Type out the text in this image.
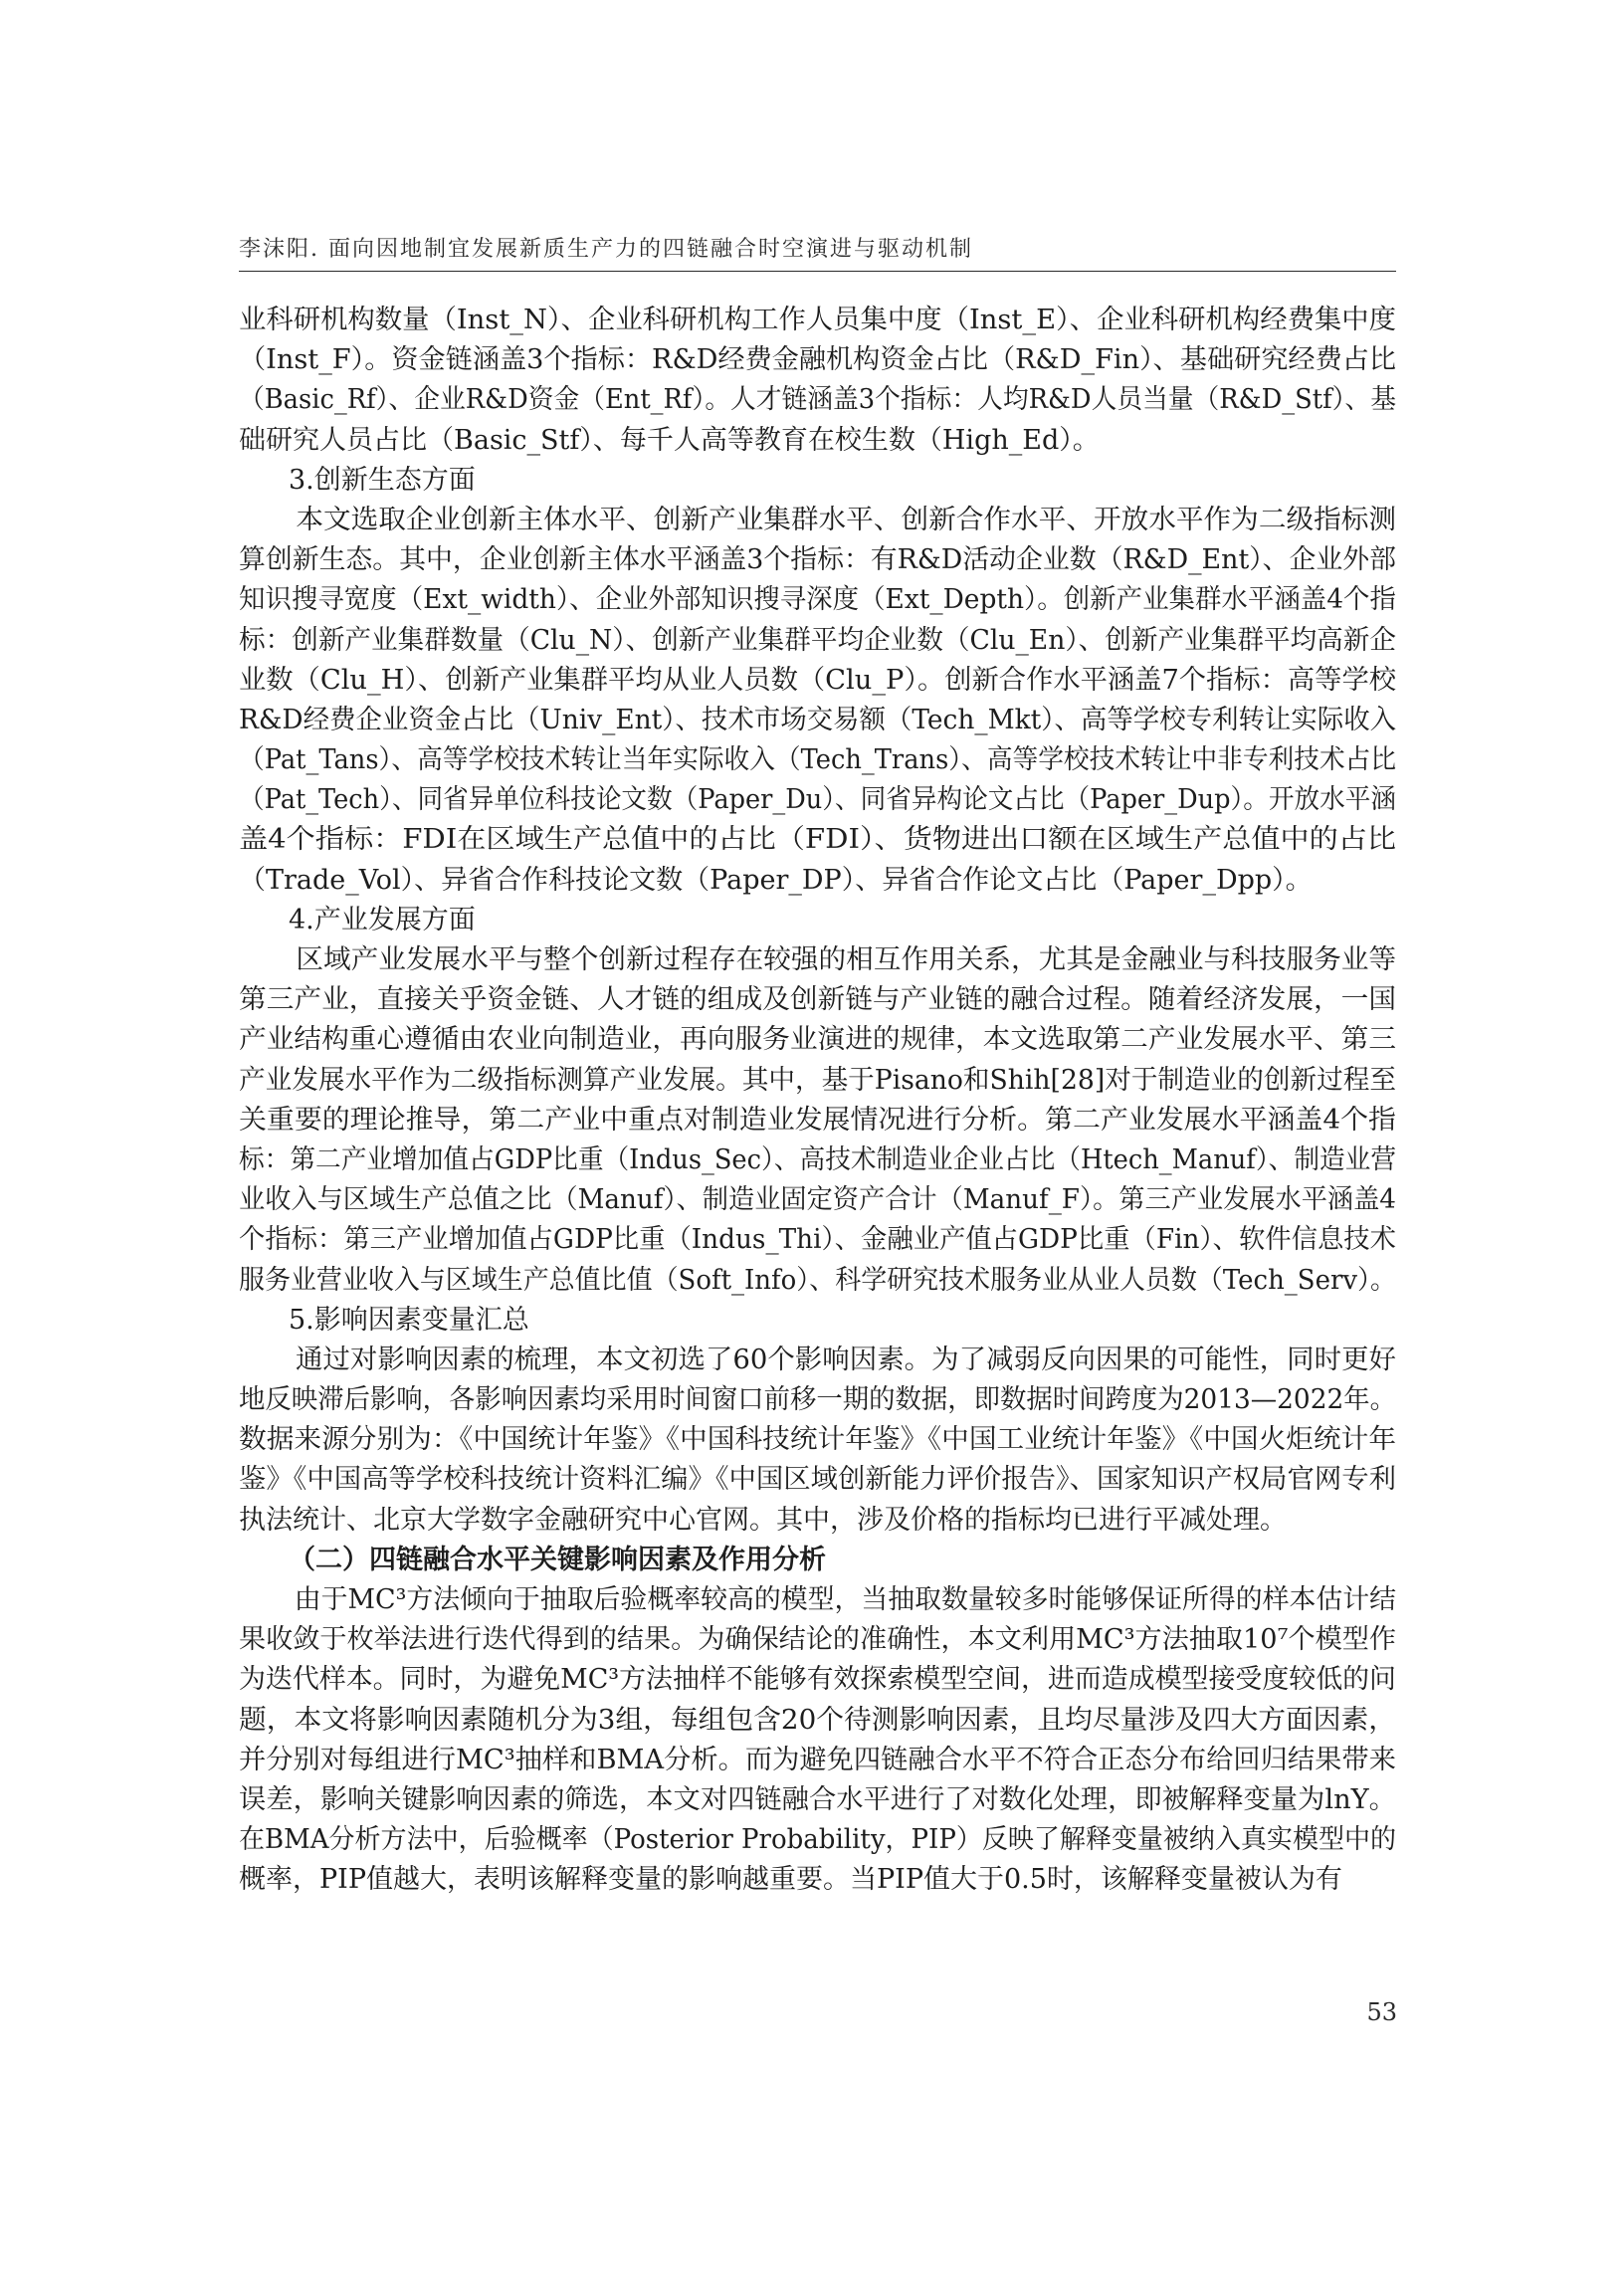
李沫阳. 面向因地制宜发展新质生产力的四链融合时空演进与驱动机制
业科研机构数量（Inst_N）、企业科研机构工作人员集中度（Inst_E）、企业科研机构经费集中度
（Inst_F）。资金链涵盖3个指标：R&D经费金融机构资金占比（R&D_Fin）、基础研究经费占比
（Basic_Rf）、企业R&D资金（Ent_Rf）。人才链涵盖3个指标：人均R&D人员当量（R&D_Stf）、基
础研究人员占比（Basic_Stf）、每千人高等教育在校生数（High_Ed）。
3.创新生态方面
本文选取企业创新主体水平、创新产业集群水平、创新合作水平、开放水平作为二级指标测
算创新生态。其中，企业创新主体水平涵盖3个指标：有R&D活动企业数（R&D_Ent）、企业外部
知识搜寻宽度（Ext_width）、企业外部知识搜寻深度（Ext_Depth）。创新产业集群水平涵盖4个指
标：创新产业集群数量（Clu_N）、创新产业集群平均企业数（Clu_En）、创新产业集群平均高新企
业数（Clu_H）、创新产业集群平均从业人员数（Clu_P）。创新合作水平涵盖7个指标：高等学校
R&D经费企业资金占比（Univ_Ent）、技术市场交易额（Tech_Mkt）、高等学校专利转让实际收入
（Pat_Tans）、高等学校技术转让当年实际收入（Tech_Trans）、高等学校技术转让中非专利技术占比
（Pat_Tech）、同省异单位科技论文数（Paper_Du）、同省异构论文占比（Paper_Dup）。开放水平涵
盖4个指标：FDI在区域生产总值中的占比（FDI）、货物进出口额在区域生产总值中的占比
（Trade_Vol）、异省合作科技论文数（Paper_DP）、异省合作论文占比（Paper_Dpp）。
4.产业发展方面
区域产业发展水平与整个创新过程存在较强的相互作用关系，尤其是金融业与科技服务业等
第三产业，直接关乎资金链、人才链的组成及创新链与产业链的融合过程。随着经济发展，一国
产业结构重心遵循由农业向制造业，再向服务业演进的规律，本文选取第二产业发展水平、第三
产业发展水平作为二级指标测算产业发展。其中，基于Pisano和Shih[28]对于制造业的创新过程至
关重要的理论推导，第二产业中重点对制造业发展情况进行分析。第二产业发展水平涵盖4个指
标：第二产业增加值占GDP比重（Indus_Sec）、高技术制造业企业占比（Htech_Manuf）、制造业营
业收入与区域生产总值之比（Manuf）、制造业固定资产合计（Manuf_F）。第三产业发展水平涵盖4
个指标：第三产业增加值占GDP比重（Indus_Thi）、金融业产值占GDP比重（Fin）、软件信息技术
服务业营业收入与区域生产总值比值（Soft_Info）、科学研究技术服务业从业人员数（Tech_Serv）。
5.影响因素变量汇总
通过对影响因素的梳理，本文初选了60个影响因素。为了减弱反向因果的可能性，同时更好
地反映滞后影响，各影响因素均采用时间窗口前移一期的数据，即数据时间跨度为2013—2022年。
数据来源分别为：《中国统计年鉴》《中国科技统计年鉴》《中国工业统计年鉴》《中国火炬统计年
鉴》《中国高等学校科技统计资料汇编》《中国区域创新能力评价报告》、国家知识产权局官网专利
执法统计、北京大学数字金融研究中心官网。其中，涉及价格的指标均已进行平减处理。
（二）四链融合水平关键影响因素及作用分析
由于MC³方法倾向于抽取后验概率较高的模型，当抽取数量较多时能够保证所得的样本估计结
果收敛于枚举法进行迭代得到的结果。为确保结论的准确性，本文利用MC³方法抽取10⁷个模型作
为迭代样本。同时，为避免MC³方法抽样不能够有效探索模型空间，进而造成模型接受度较低的问
题，本文将影响因素随机分为3组，每组包含20个待测影响因素，且均尽量涉及四大方面因素，
并分别对每组进行MC³抽样和BMA分析。而为避免四链融合水平不符合正态分布给回归结果带来
误差，影响关键影响因素的筛选，本文对四链融合水平进行了对数化处理，即被解释变量为lnY。
在BMA分析方法中，后验概率（Posterior Probability，PIP）反映了解释变量被纳入真实模型中的
概率，PIP值越大，表明该解释变量的影响越重要。当PIP值大于0.5时，该解释变量被认为有
53
